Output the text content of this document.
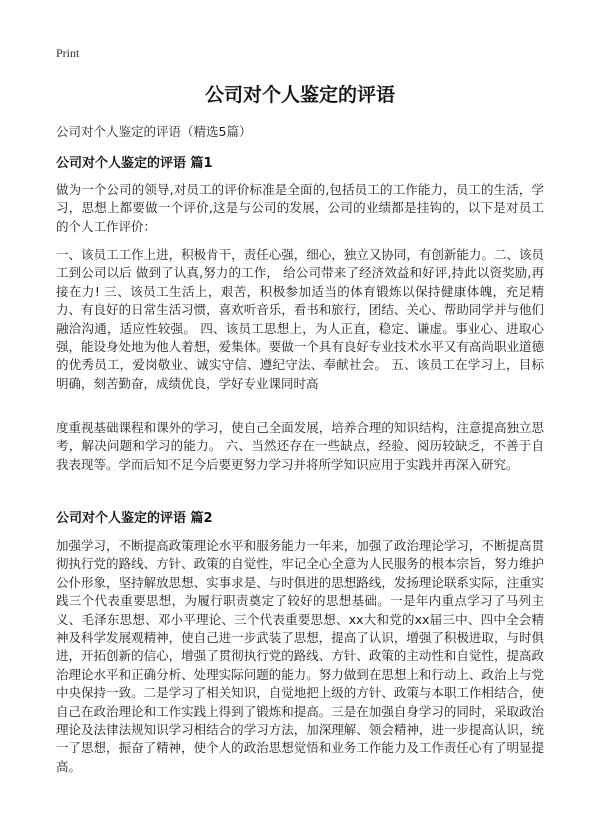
Print
公司对个人鉴定的评语
公司对个人鉴定的评语（精选5篇）
公司对个人鉴定的评语 篇1
做为一个公司的领导,对员工的评价标准是全面的,包括员工的工作能力，员工的生活，学习，思想上都要做一个评价,这是与公司的发展，公司的业绩都是挂钩的，以下是对员工的个人工作评价：
一、该员工工作上进，积极肯干，责任心强，细心，独立又协同，有创新能力。二、该员工到公司以后 做到了认真,努力的工作， 给公司带来了经济效益和好评,持此以资奖励,再接在力! 三、该员工生活上，艰苦，积极参加适当的体育锻炼以保持健康体魄，充足精力、有良好的日常生活习惯，喜欢听音乐，看书和旅行，团结、关心、帮助同学并与他们融洽沟通，适应性较强。 四、该员工思想上，为人正直，稳定、谦虚。事业心、进取心强，能设身处地为他人着想，爱集体。要做一个具有良好专业技术水平又有高尚职业道德的优秀员工，爱岗敬业、诚实守信、遵纪守法、奉献社会。 五、该员工在学习上，目标明确，刻苦勤奋，成绩优良，学好专业课同时高
度重视基础课程和课外的学习，使自己全面发展，培养合理的知识结构，注意提高独立思考，解决问题和学习的能力。 六、当然还存在一些缺点，经验、阅历较缺乏，不善于自我表现等。学而后知不足今后要更努力学习并将所学知识应用于实践并再深入研究。
公司对个人鉴定的评语 篇2
加强学习，不断提高政策理论水平和服务能力一年来，加强了政治理论学习，不断提高贯彻执行党的路线、方针、政策的自觉性，牢记全心全意为人民服务的根本宗旨，努力维护公仆形象，坚持解放思想、实事求是、与时俱进的思想路线，发扬理论联系实际，注重实践三个代表重要思想，为履行职责奠定了较好的思想基础。一是年内重点学习了马列主义、毛泽东思想、邓小平理论、三个代表重要思想、xx大和党的xx届三中、四中全会精神及科学发展观精神，使自己进一步武装了思想，提高了认识，增强了积极进取，与时俱进，开拓创新的信心，增强了贯彻执行党的路线、方针、政策的主动性和自觉性，提高政治理论水平和正确分析、处理实际问题的能力。努力做到在思想上和行动上、政治上与党中央保持一致。二是学习了相关知识，自觉地把上级的方针、政策与本职工作相结合，使自己在政治理论和工作实践上得到了锻炼和提高。三是在加强自身学习的同时，采取政治理论及法律法规知识学习相结合的学习方法，加深理解、领会精神，进一步提高认识，统一了思想，振奋了精神，使个人的政治思想觉悟和业务工作能力及工作责任心有了明显提高。
